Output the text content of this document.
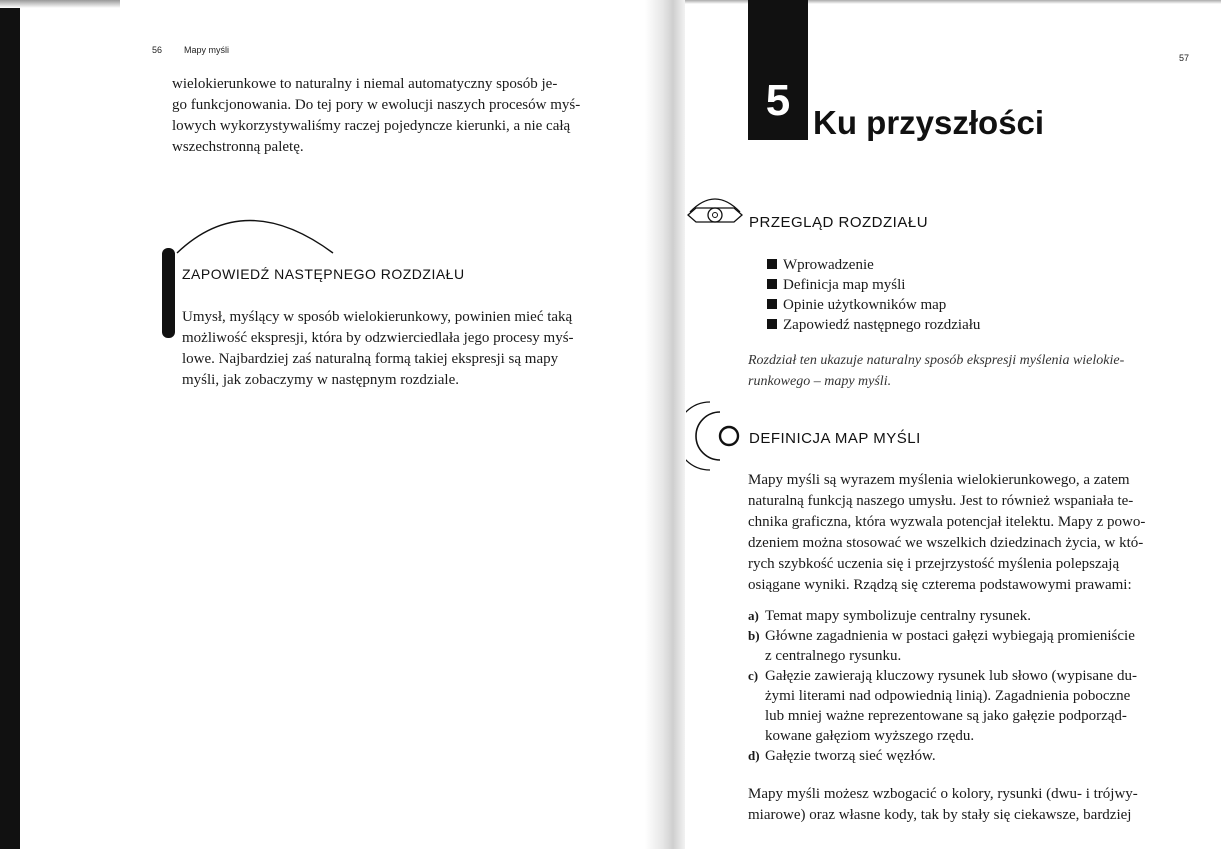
56 Mapy myśli

wielokierunkowe to naturalny i niemal automatyczny sposób je-
go funkcjonowania. Do tej pory w ewolucji naszych procesów myś-
lowych wykorzystywaliśmy raczej pojedyncze kierunki, a nie całą
wszechstronną paletę.

ZAPOWIEDŹ NASTĘPNEGO ROZDZIAŁU

Umysł, myślący w sposób wielokierunkowy, powinien mieć taką
możliwość ekspresji, która by odzwierciedlała jego procesy myś-
lowe. Najbardziej zaś naturalną formą takiej ekspresji są mapy
myśli, jak zobaczymy w następnym rozdziale.

57
5 Ku przyszłości
PRZEGLĄD ROZDZIAŁU
Wprowadzenie
Definicja map myśli
Opinie użytkowników map
Zapowiedź następnego rozdziału

Rozdział ten ukazuje naturalny sposób ekspresji myślenia wielokie-
runkowego – mapy myśli.

DEFINICJA MAP MYŚLI

Mapy myśli są wyrazem myślenia wielokierunkowego, a zatem
naturalną funkcją naszego umysłu. Jest to również wspaniała te-
chnika graficzna, która wyzwala potencjał itelektu. Mapy z powo-
dzeniem można stosować we wszelkich dziedzinach życia, w któ-
rych szybkość uczenia się i przejrzystość myślenia polepszają
osiągane wyniki. Rządzą się czterema podstawowymi prawami:

a) Temat mapy symbolizuje centralny rysunek.
b) Główne zagadnienia w postaci gałęzi wybiegają promieniście
z centralnego rysunku.
c) Gałęzie zawierają kluczowy rysunek lub słowo (wypisane du-
żymi literami nad odpowiednią linią). Zagadnienia poboczne
lub mniej ważne reprezentowane są jako gałęzie podporząd-
kowane gałęziom wyższego rzędu.
d) Gałęzie tworzą sieć węzłów.

Mapy myśli możesz wzbogacić o kolory, rysunki (dwu- i trójwy-
miarowe) oraz własne kody, tak by stały się ciekawsze, bardziej
